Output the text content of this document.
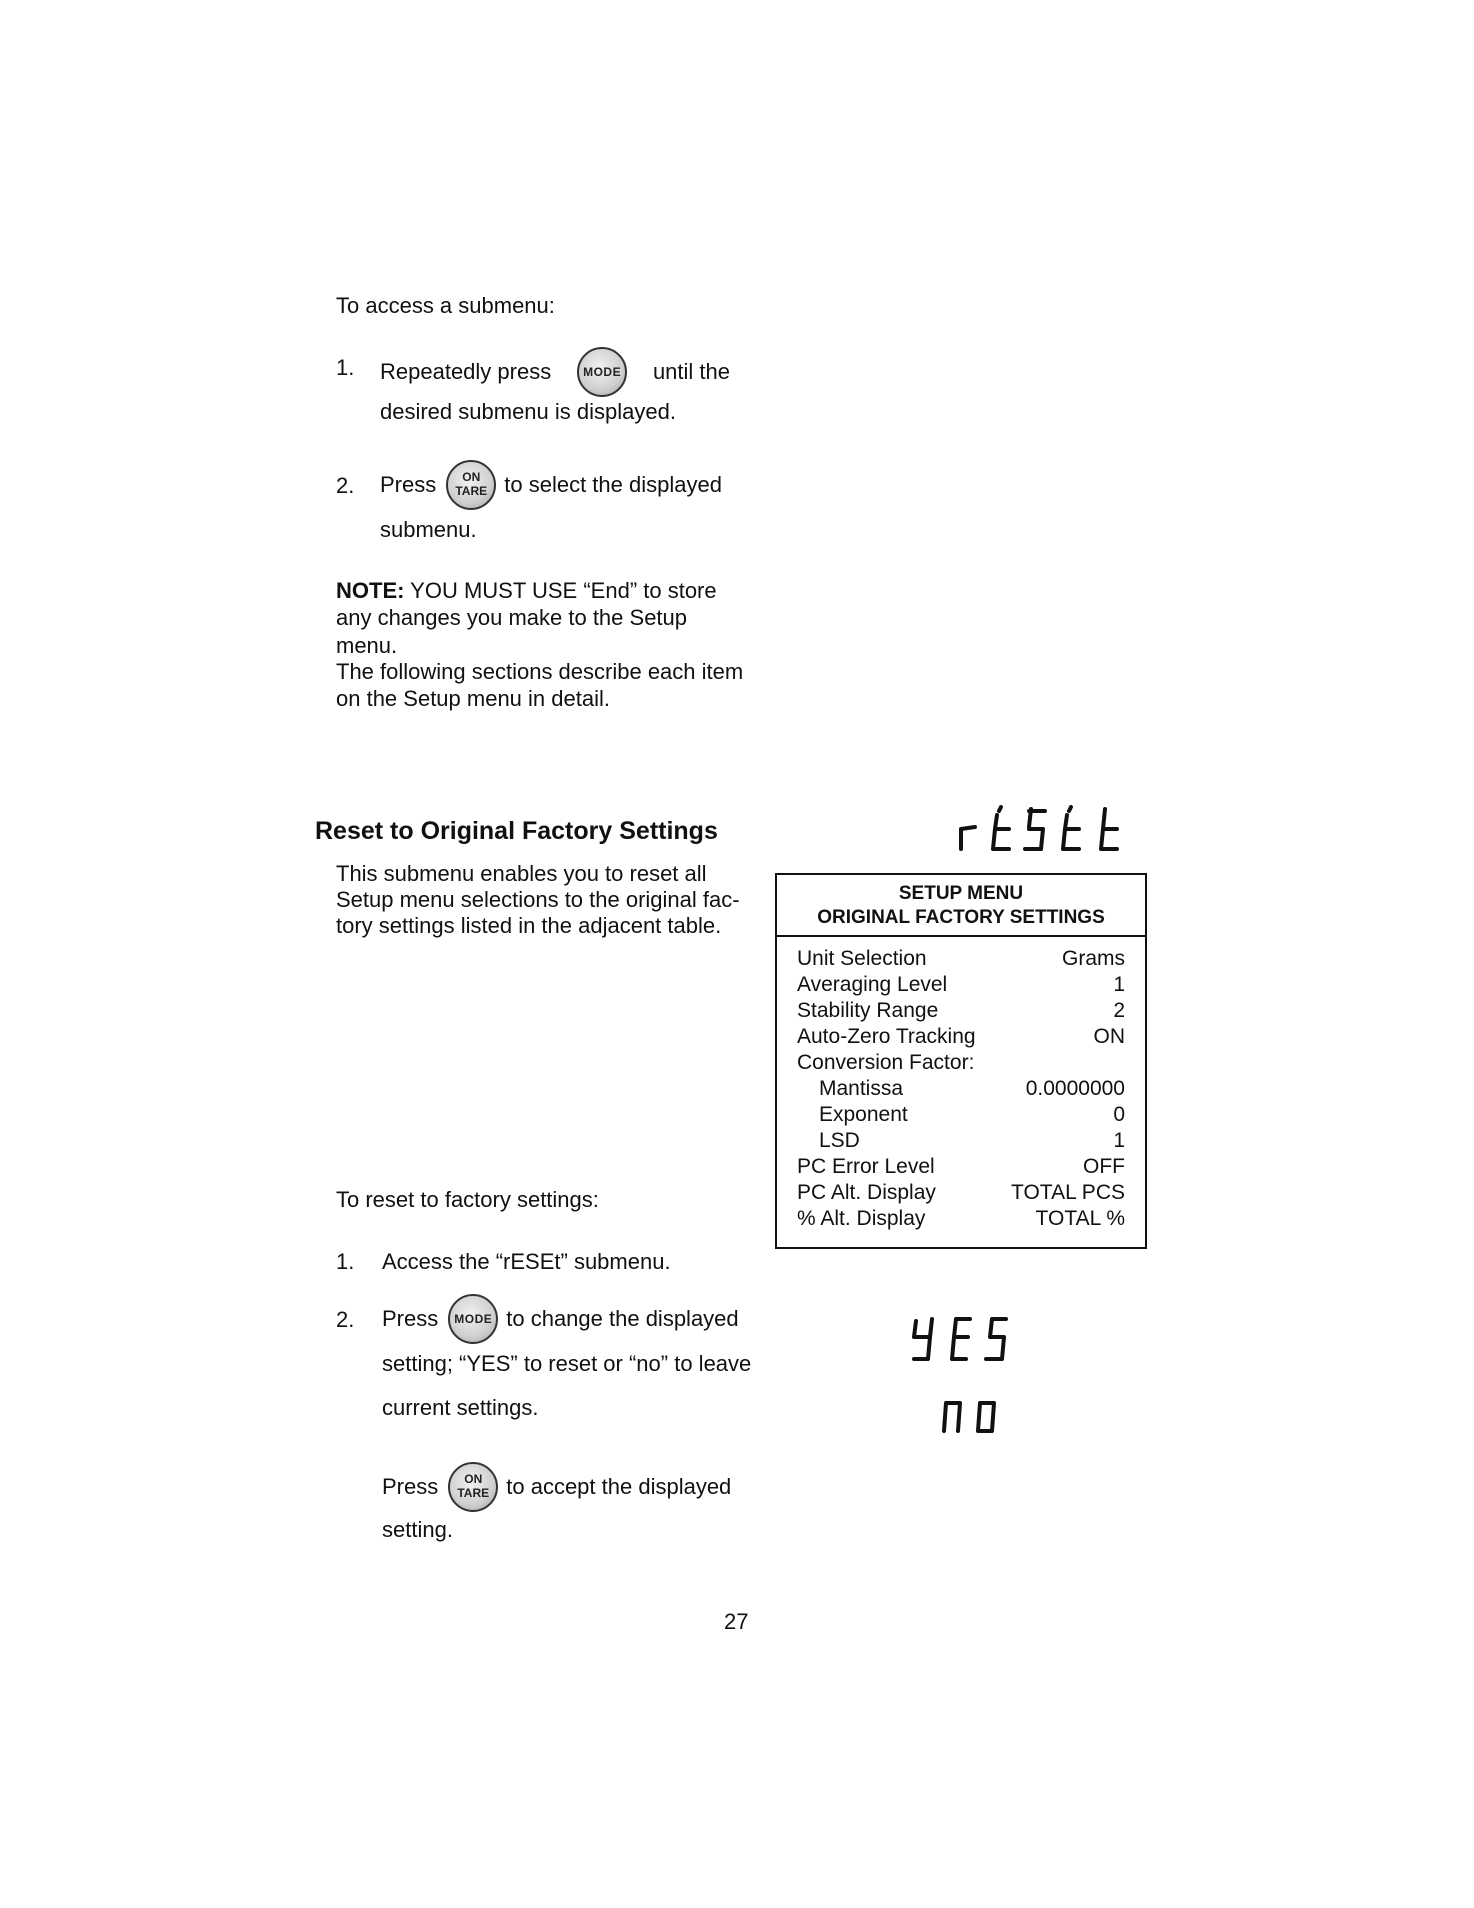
To access a submenu:
1. Repeatedly press	MODE until the
desired submenu is displayed.
2. Press	ON
TARE to select the displayed
submenu.
NOTE: YOU MUST USE “End” to store
any changes you make to the Setup menu.
The following sections describe each item
on the Setup menu in detail.
Reset to Original Factory Settings
This submenu enables you to reset all
Setup menu selections to the original fac-
tory settings listed in the adjacent table.
SETUP MENU
ORIGINAL FACTORY SETTINGS
Unit Selection	Grams
Averaging Level	1
Stability Range	2
Auto-Zero Tracking	ON
Conversion Factor:
Mantissa	0.0000000
Exponent	0
LSD	1
PC Error Level	OFF
PC Alt. Display	TOTAL PCS
% Alt. Display	TOTAL %
To reset to factory settings:
1. Access the “rESEt” submenu.
2. Press	MODE to change the displayed
setting; “YES” to reset or “no” to leave
current settings.
Press	ON
TARE to accept the displayed
setting.
27
